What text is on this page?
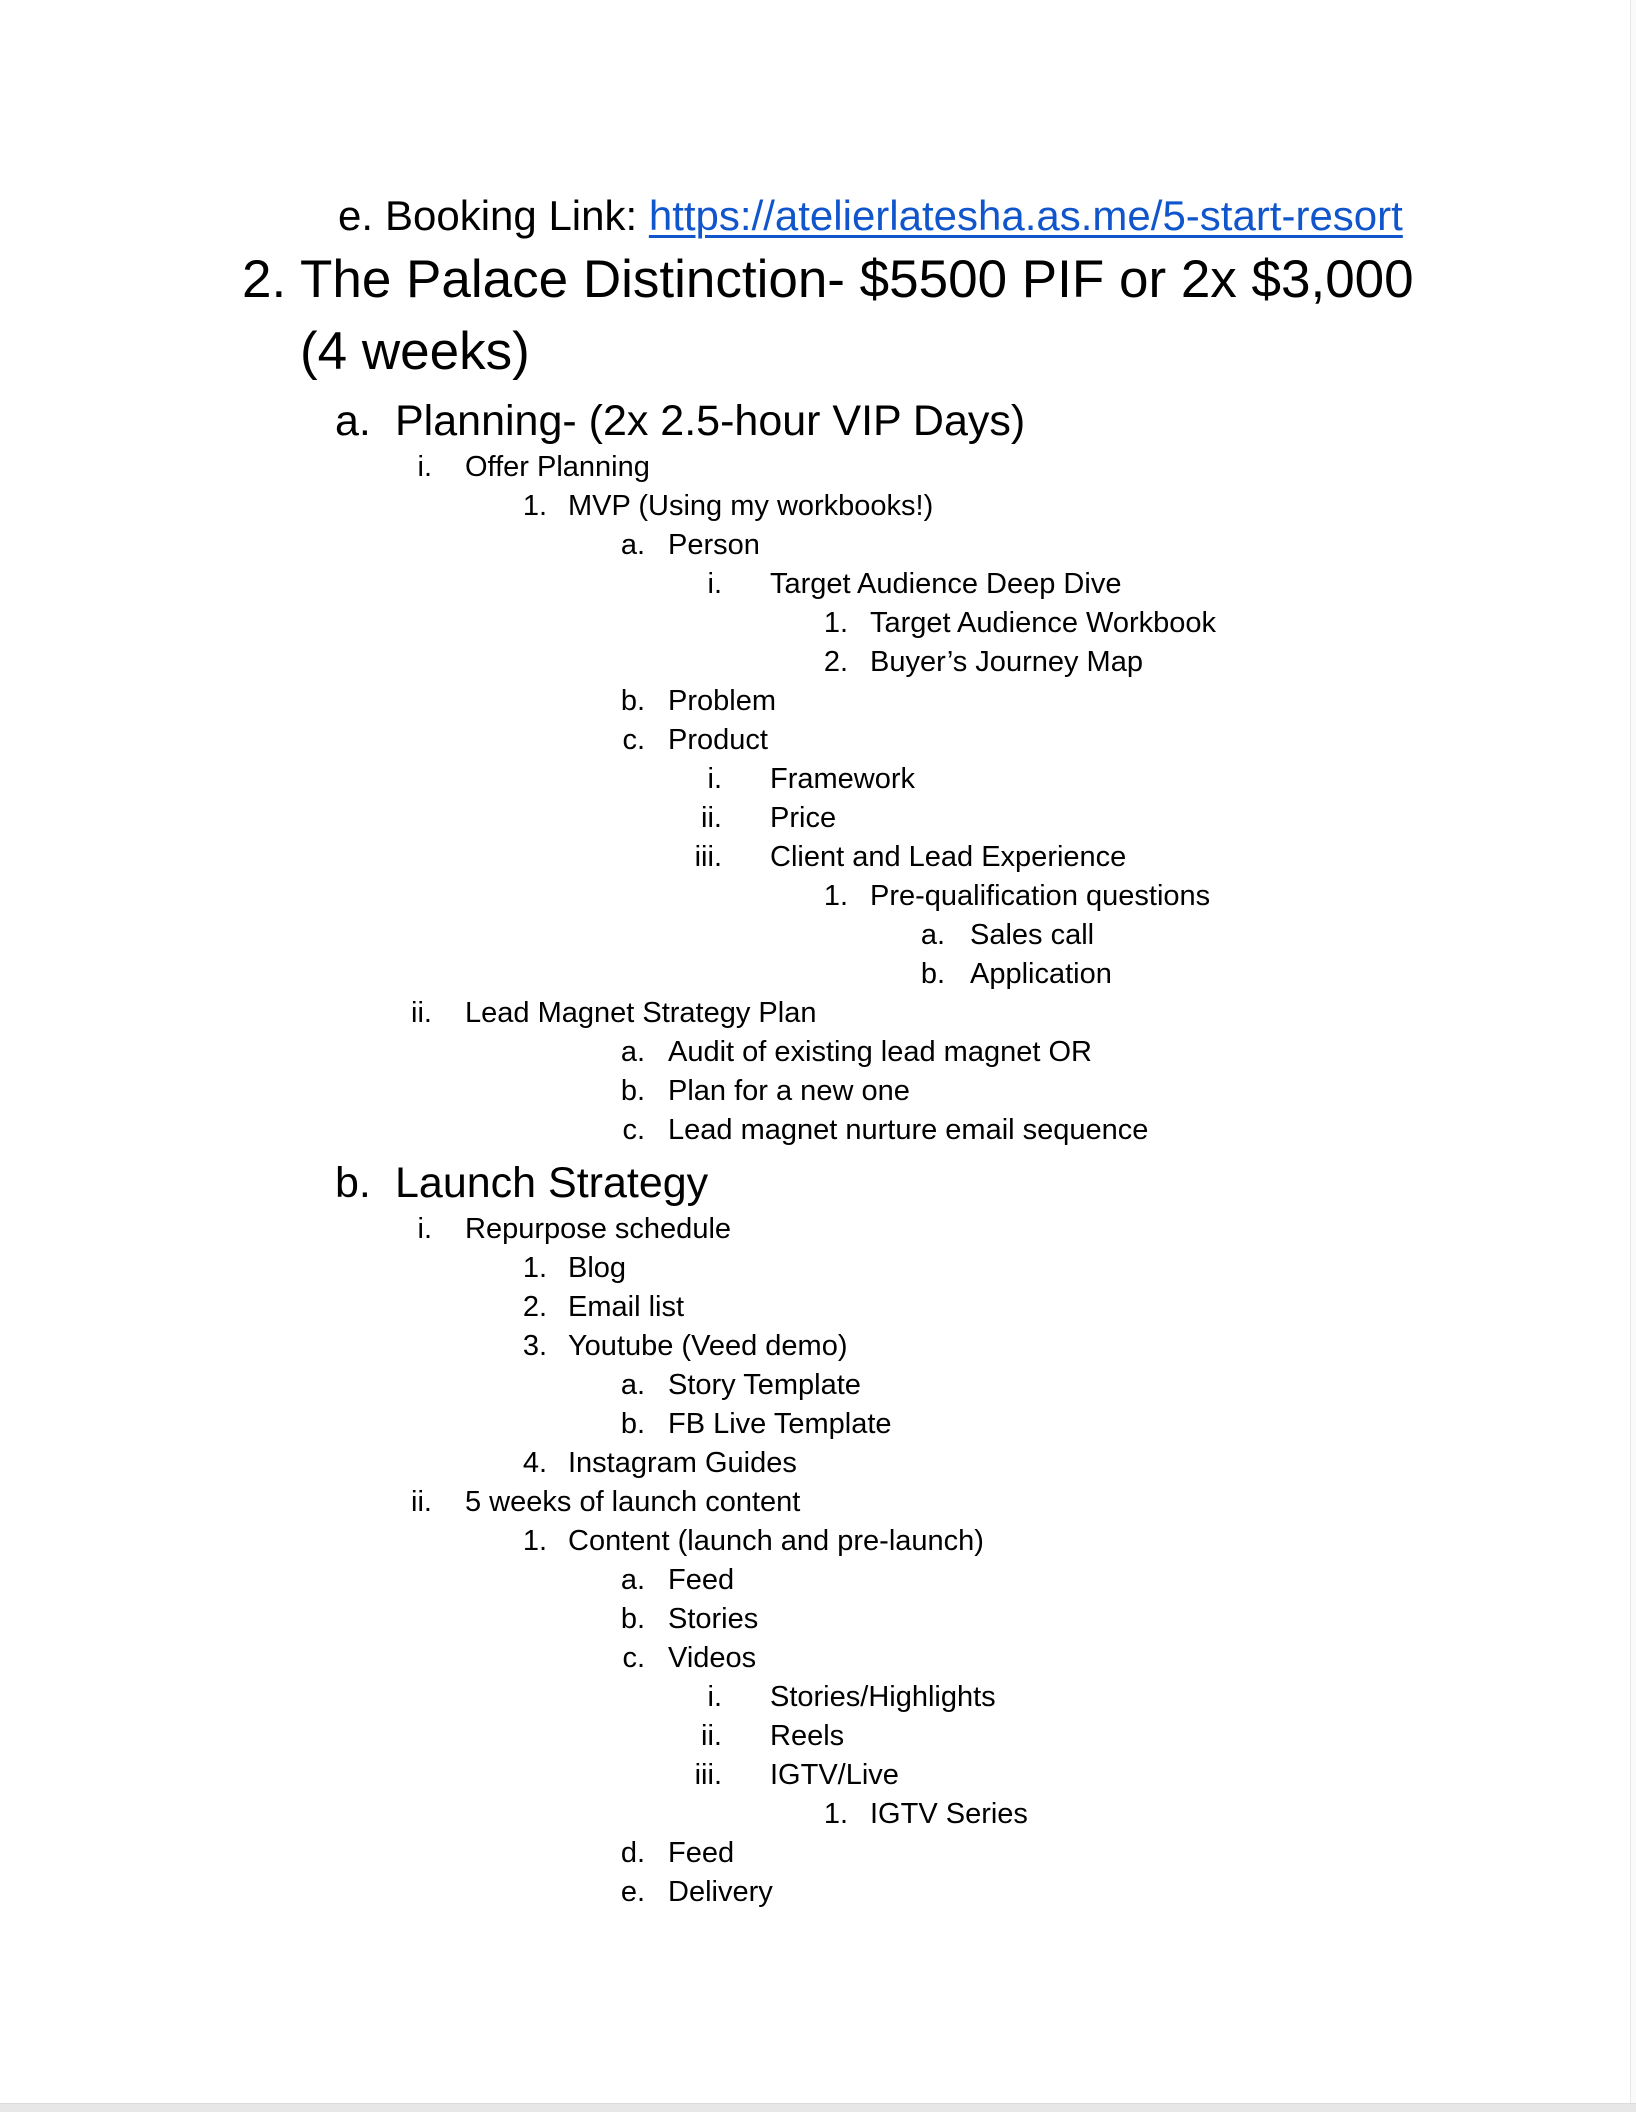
e. Booking Link: https://atelierlatesha.as.me/5-start-resort
2. The Palace Distinction- $5500 PIF or 2x $3,000 (4 weeks)
a. Planning- (2x 2.5-hour VIP Days)
i. Offer Planning
1. MVP (Using my workbooks!)
a. Person
i. Target Audience Deep Dive
1. Target Audience Workbook
2. Buyer’s Journey Map
b. Problem
c. Product
i. Framework
ii. Price
iii. Client and Lead Experience
1. Pre-qualification questions
a. Sales call
b. Application
ii. Lead Magnet Strategy Plan
a. Audit of existing lead magnet OR
b. Plan for a new one
c. Lead magnet nurture email sequence
b. Launch Strategy
i. Repurpose schedule
1. Blog
2. Email list
3. Youtube (Veed demo)
a. Story Template
b. FB Live Template
4. Instagram Guides
ii. 5 weeks of launch content
1. Content (launch and pre-launch)
a. Feed
b. Stories
c. Videos
i. Stories/Highlights
ii. Reels
iii. IGTV/Live
1. IGTV Series
d. Feed
e. Delivery
